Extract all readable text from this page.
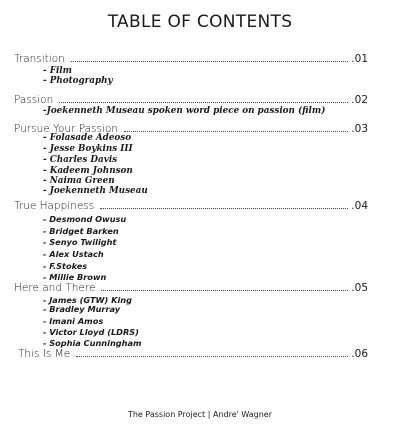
TABLE OF CONTENTS
Transition	.01
- Film
- Photography
Passion	.02
-Joekenneth Museau spoken word piece on passion (film)
Pursue Your Passion	.03
- Folasade Adeoso
- Jesse Boykins III
- Charles Davis
- Kadeem Johnson
- Naima Green
- Joekenneth Museau
True Happiness	.04
- Desmond Owusu
- Bridget Barken
- Senyo Twilight
- Alex Ustach
- F.Stokes
- Millie Brown
Here and There	.05
- James (GTW) King
- Bradley Murray
- Imani Amos
- Victor Lloyd (LDRS)
- Sophia Cunningham
This Is Me	.06
The Passion Project | Andre' Wagner
